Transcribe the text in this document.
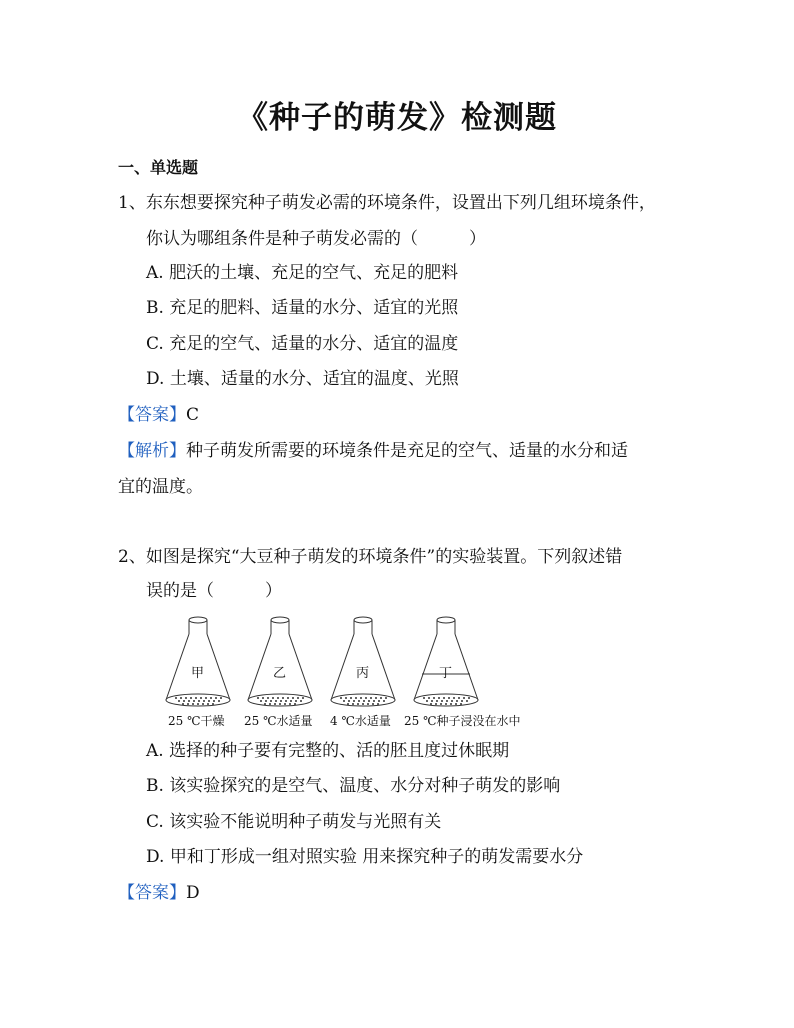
《种子的萌发》检测题
一、单选题
1、东东想要探究种子萌发必需的环境条件，设置出下列几组环境条件，
你认为哪组条件是种子萌发必需的（　　　）
A. 肥沃的土壤、充足的空气、充足的肥料
B. 充足的肥料、适量的水分、适宜的光照
C. 充足的空气、适量的水分、适宜的温度
D. 土壤、适量的水分、适宜的温度、光照
【答案】C
【解析】种子萌发所需要的环境条件是充足的空气、适量的水分和适
宜的温度。
2、如图是探究“大豆种子萌发的环境条件”的实验装置。下列叙述错
误的是（　　　）
甲	乙	丙	丁
25 ℃干燥 25 ℃水适量 4 ℃水适量 25 ℃种子浸没在水中
A. 选择的种子要有完整的、活的胚且度过休眠期
B. 该实验探究的是空气、温度、水分对种子萌发的影响
C. 该实验不能说明种子萌发与光照有关
D. 甲和丁形成一组对照实验 用来探究种子的萌发需要水分
【答案】D
